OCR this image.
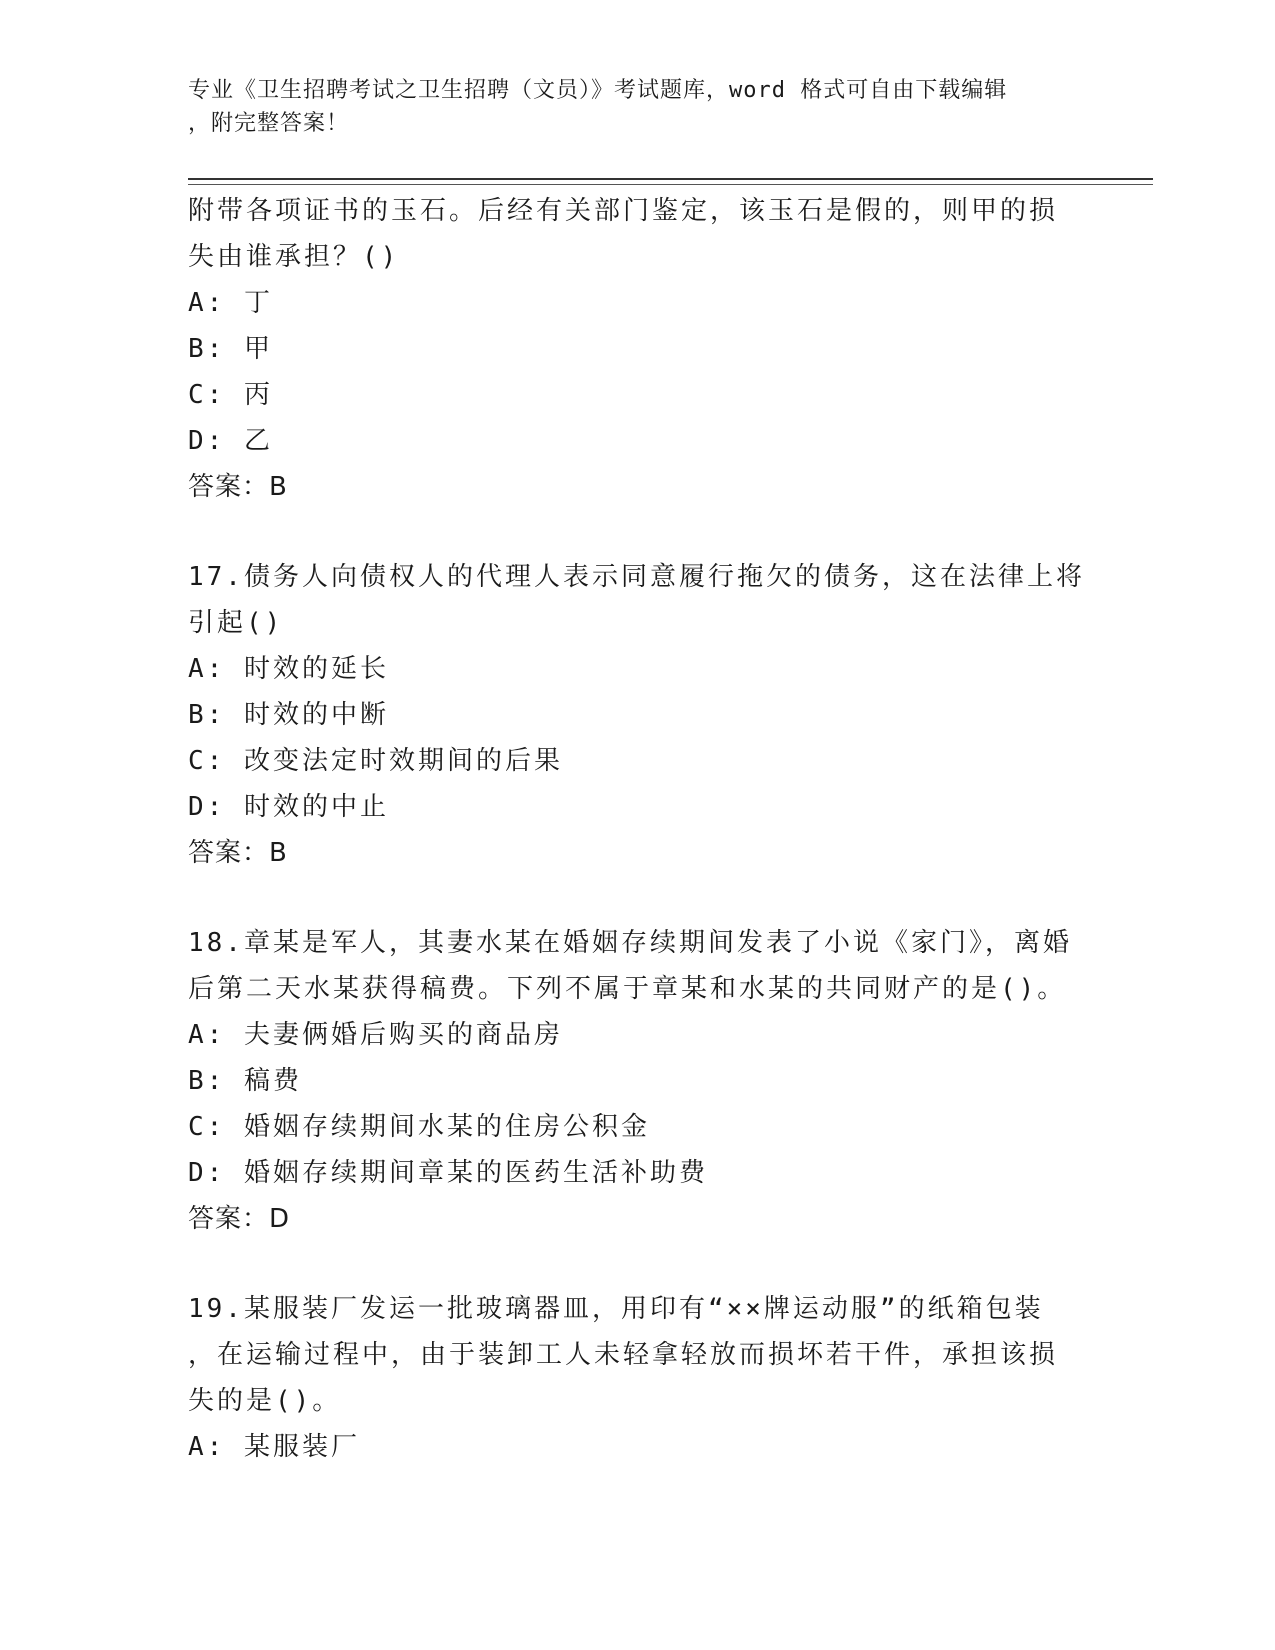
专业《卫生招聘考试之卫生招聘（文员）》考试题库，word 格式可自由下载编辑
，附完整答案！
附带各项证书的玉石。后经有关部门鉴定，该玉石是假的，则甲的损
失由谁承担？()
A: 丁
B: 甲
C: 丙
D: 乙
答案：B
17.债务人向债权人的代理人表示同意履行拖欠的债务，这在法律上将
引起()
A: 时效的延长
B: 时效的中断
C: 改变法定时效期间的后果
D: 时效的中止
答案：B
18.章某是军人，其妻水某在婚姻存续期间发表了小说《家门》，离婚
后第二天水某获得稿费。下列不属于章某和水某的共同财产的是()。
A: 夫妻俩婚后购买的商品房
B: 稿费
C: 婚姻存续期间水某的住房公积金
D: 婚姻存续期间章某的医药生活补助费
答案：D
19.某服装厂发运一批玻璃器皿，用印有“××牌运动服”的纸箱包装
，在运输过程中，由于装卸工人未轻拿轻放而损坏若干件，承担该损
失的是()。
A: 某服装厂
